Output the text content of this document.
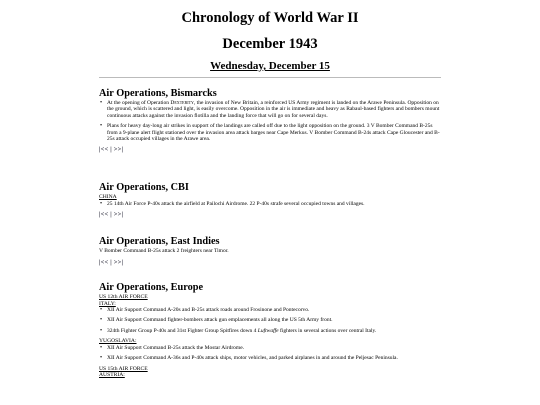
Chronology of World War II
December 1943
Wednesday, December 15
Air Operations, Bismarcks
• At the opening of Operation Dexterity, the invasion of New Britain, a reinforced US Army regiment is landed on the Arawe Peninsula. Opposition on the ground, which is scattered and light, is easily overcome. Opposition in the air is immediate and heavy as Rabaul-based fighters and bombers mount continuous attacks against the invasion flotilla and the landing force that will go on for several days.
• Plans for heavy day-long air strikes in support of the landings are called off due to the light opposition on the ground. 3 V Bomber Command B-25s from a 9-plane alert flight stationed over the invasion area attack barges near Cape Merkus. V Bomber Command B-24s attack Cape Gloucester and B-25s attack occupied villages in the Arawe area.

|<< | >>|

Air Operations, CBI

CHINA

• 25 14th Air Force P-40s attack the airfield at Pailochi Airdrome. 22 P-40s strafe several occupied towns and villages.

|<< | >>|

Air Operations, East Indies

V Bomber Command B-25s attack 2 freighters near Timor.

|<< | >>|

Air Operations, Europe

US 12th AIR FORCE

ITALY:

• XII Air Support Command A-20s and B-25s attack roads around Frosinone and Pontecorvo.
• XII Air Support Command fighter-bombers attack gun emplacements all along the US 5th Army front.
• 324th Fighter Group P-40s and 31st Fighter Group Spitfires down 4 Luftwaffe fighters in several actions over central Italy.

YUGOSLAVIA:

• XII Air Support Command B-25s attack the Mostar Airdrome.
• XII Air Support Command A-36s and P-40s attack ships, motor vehicles, and parked airplanes in and around the Peljesac Peninsula.

US 15th AIR FORCE

AUSTRIA:
